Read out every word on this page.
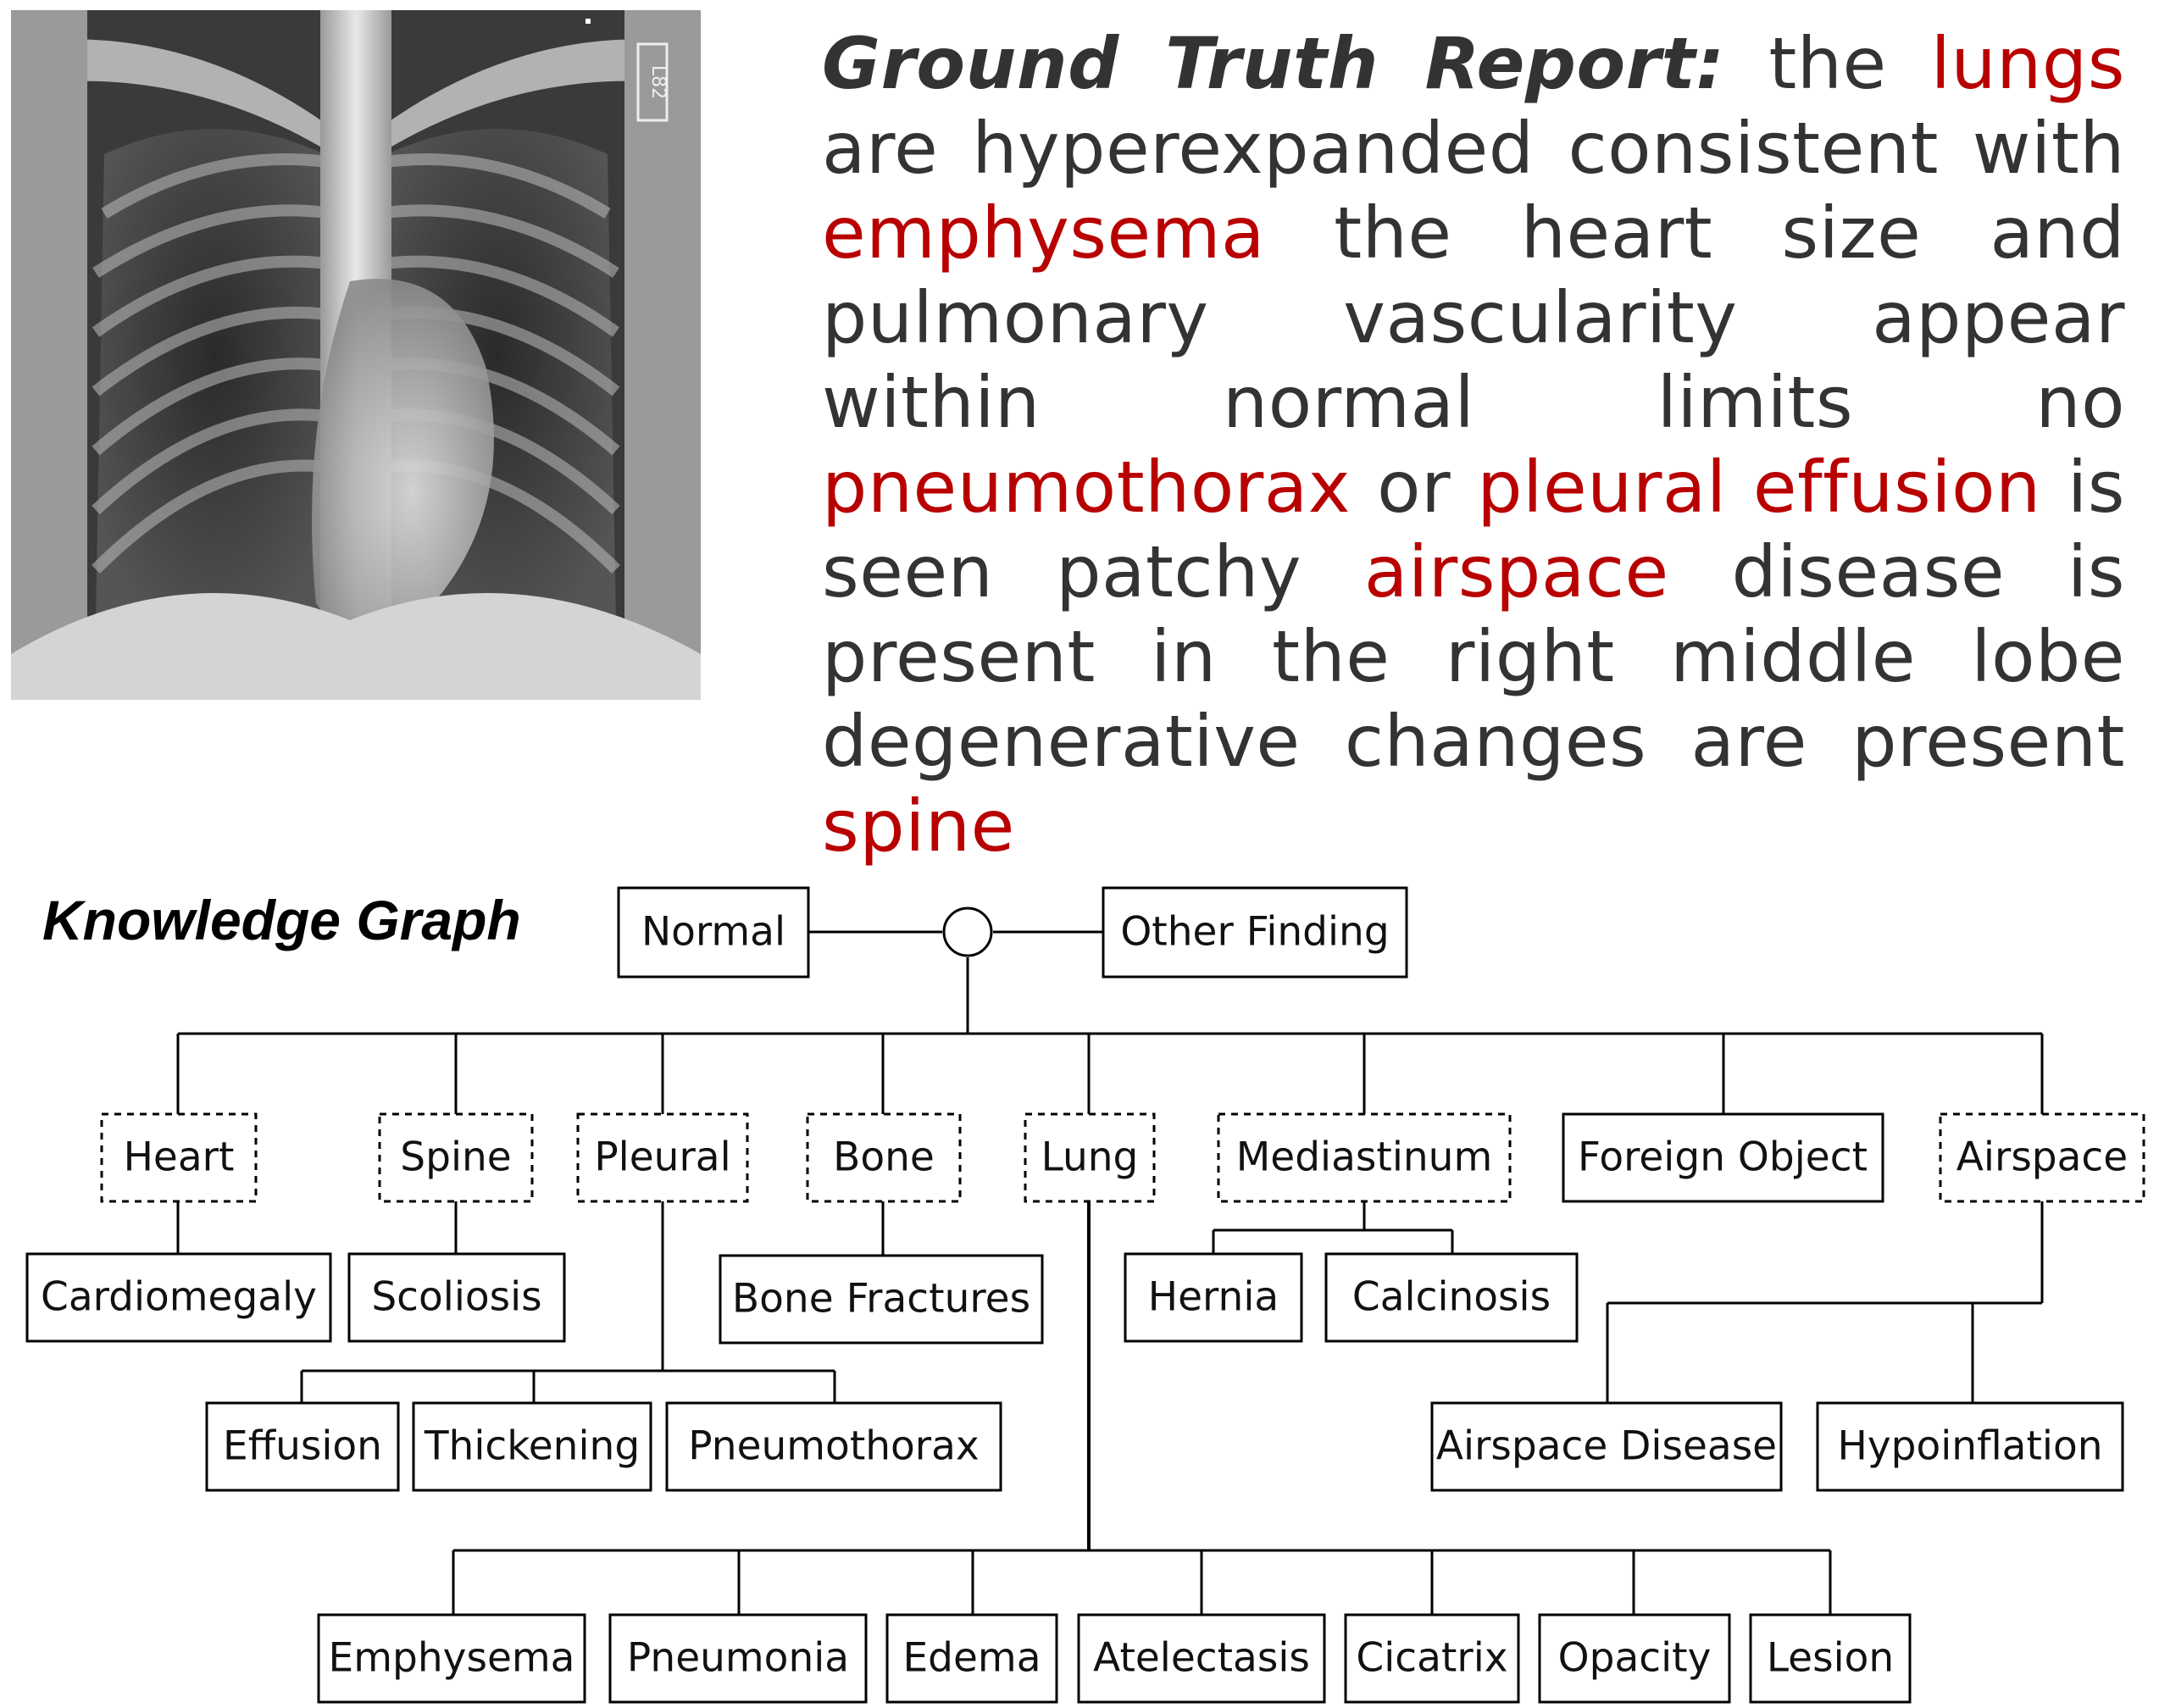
L82 Ground Truth Report: the lungs are hyperexpanded consistent with emphysema the heart size and pulmonary vascularity appear within normal limits no pneumothorax or pleural effusion is seen patchy airspace disease is present in the right middle lobe degenerative changes are present spine
Knowledge Graph	Normal	Other Finding
Heart	Spine Pleural	Bone	Lung Mediastinum Foreign Object Airspace
Cardiomegaly Scoliosis	Bone Fractures	Hernia Calcinosis
Effusion Thickening Pneumothorax	Airspace Disease Hypoinflation
Emphysema Pneumonia Edema Atelectasis Cicatrix Opacity Lesion
